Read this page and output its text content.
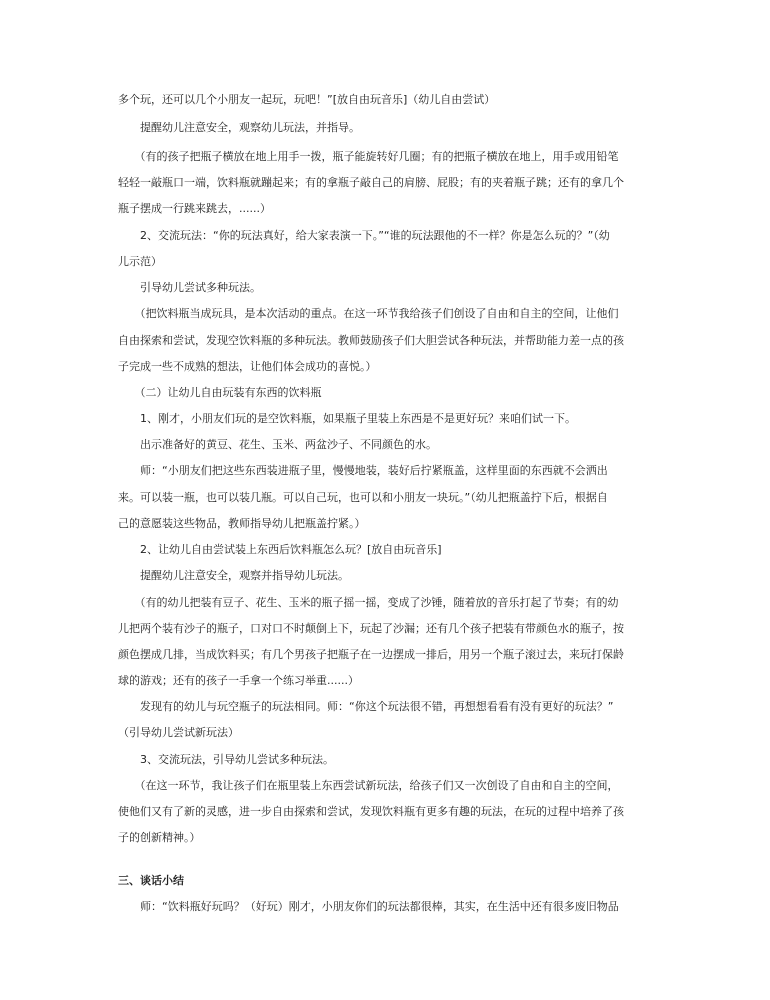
多个玩，还可以几个小朋友一起玩，玩吧！”[放自由玩音乐]（幼儿自由尝试）
　　提醒幼儿注意安全，观察幼儿玩法，并指导。
　　（有的孩子把瓶子横放在地上用手一拨，瓶子能旋转好几圈；有的把瓶子横放在地上，用手或用铅笔
轻轻一敲瓶口一端，饮料瓶就蹦起来；有的拿瓶子敲自己的肩膀、屁股；有的夹着瓶子跳；还有的拿几个
瓶子摆成一行跳来跳去，......）
　　2、交流玩法：“你的玩法真好，给大家表演一下。”“谁的玩法跟他的不一样？你是怎么玩的？”（幼
儿示范）
　　引导幼儿尝试多种玩法。
　　（把饮料瓶当成玩具，是本次活动的重点。在这一环节我给孩子们创设了自由和自主的空间，让他们
自由探索和尝试，发现空饮料瓶的多种玩法。教师鼓励孩子们大胆尝试各种玩法，并帮助能力差一点的孩
子完成一些不成熟的想法，让他们体会成功的喜悦。）
　　（二）让幼儿自由玩装有东西的饮料瓶
　　1、刚才，小朋友们玩的是空饮料瓶，如果瓶子里装上东西是不是更好玩？来咱们试一下。
　　出示准备好的黄豆、花生、玉米、两盆沙子、不同颜色的水。
　　师：“小朋友们把这些东西装进瓶子里，慢慢地装，装好后拧紧瓶盖，这样里面的东西就不会洒出
来。可以装一瓶，也可以装几瓶。可以自己玩，也可以和小朋友一块玩。”（幼儿把瓶盖拧下后，根据自
己的意愿装这些物品，教师指导幼儿把瓶盖拧紧。）
　　2、让幼儿自由尝试装上东西后饮料瓶怎么玩？[放自由玩音乐]
　　提醒幼儿注意安全，观察并指导幼儿玩法。
　　（有的幼儿把装有豆子、花生、玉米的瓶子摇一摇，变成了沙锤，随着放的音乐打起了节奏；有的幼
儿把两个装有沙子的瓶子，口对口不时颠倒上下，玩起了沙漏；还有几个孩子把装有带颜色水的瓶子，按
颜色摆成几排，当成饮料买；有几个男孩子把瓶子在一边摆成一排后，用另一个瓶子滚过去，来玩打保龄
球的游戏；还有的孩子一手拿一个练习举重......）
　　发现有的幼儿与玩空瓶子的玩法相同。师：“你这个玩法很不错，再想想看看有没有更好的玩法？”
（引导幼儿尝试新玩法）
　　3、交流玩法，引导幼儿尝试多种玩法。
　　（在这一环节，我让孩子们在瓶里装上东西尝试新玩法，给孩子们又一次创设了自由和自主的空间，
使他们又有了新的灵感，进一步自由探索和尝试，发现饮料瓶有更多有趣的玩法，在玩的过程中培养了孩
子的创新精神。）
三、谈话小结
　　师：“饮料瓶好玩吗？（好玩）刚才，小朋友你们的玩法都很棒，其实，在生活中还有很多废旧物品
